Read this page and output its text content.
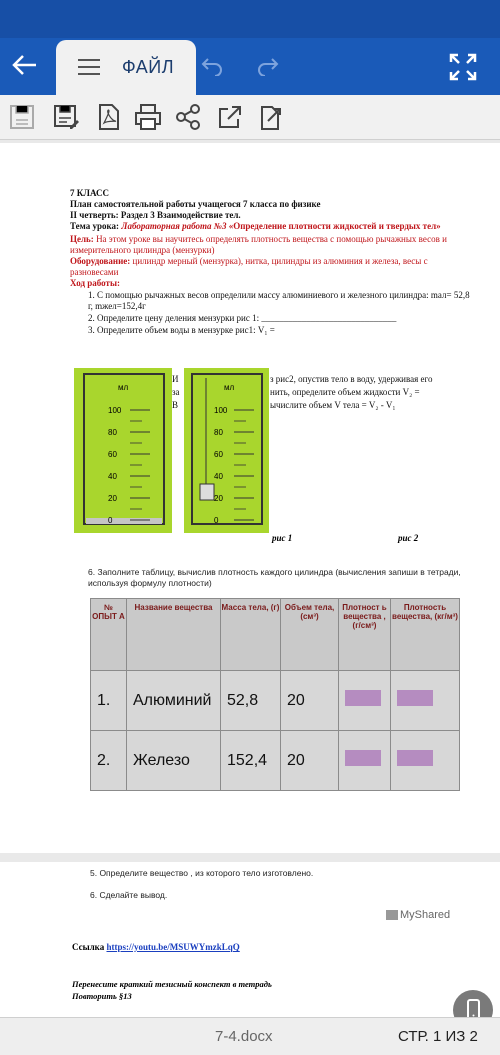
ФАЙЛ
7 КЛАСС
План самостоятельной работы учащегося 7 класса по физике
II четверть: Раздел 3 Взаимодействие тел.
Тема урока: Лабораторная работа №3 «Определение плотности жидкостей и твердых тел»
Цель: На этом уроке вы научитесь определять плотность вещества с помощью рычажных весов и измерительного цилиндра (мензурки)
Оборудование: цилиндр мерный (мензурка), нитка, цилиндры из алюминия и железа, весы с разновесами
Ход работы:
1. С помощью рычажных весов определили массу алюминиевого и железного цилиндра: mал= 52,8 г, mжел=152,4г
2. Определите цену деления мензурки рис 1: ______________________________
3. Определите объем воды в мензурке рис1: V₁ =
И
за
В
з рис2, опустив тело в воду, удерживая его
нить, определите объем жидкости V₂ =
ычислите объем V тела = V₂ - V₁
мл
100
80
60
40
20
0
мл
100
80
60
40
20
0
рис 1	рис 2
6. Заполните таблицу, вычислив плотность каждого цилиндра (вычисления запиши в тетради, используя формулу плотности)
№ ОПЫТ А	Название вещества	Масса тела, (г)	Объем тела, (см³)	Плотност ь вещества , (г/см³)	Плотность вещества, (кг/м³)
1.	Алюминий	52,8	20		
2.	Железо	152,4	20		
5. Определите вещество , из которого тело изготовлено.
6. Сделайте вывод.
MyShared
Ссылка https://youtu.be/MSUWYmzkLqQ
Перенесите краткий тезисный конспект в тетрадь
Повторить §13
7-4.docx	СТР. 1 ИЗ 2
